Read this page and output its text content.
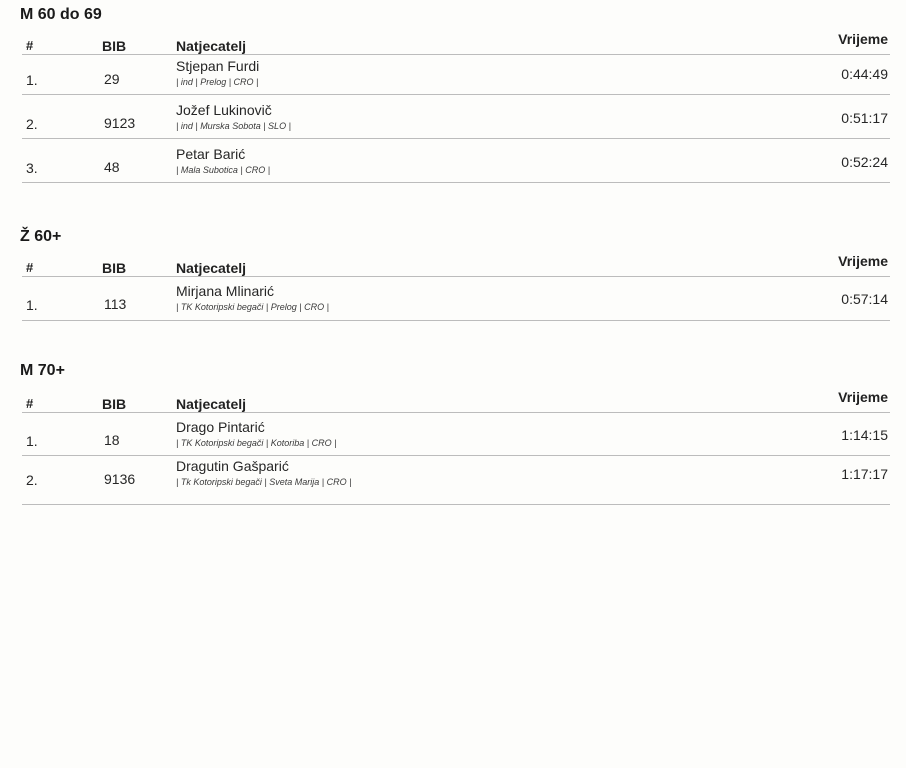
M 60 do 69
#	BIB	Natjecatelj	Vrijeme
1.	29
Stjepan Furdi
| ind | Prelog | CRO |	0:44:49
2.	9123
Jožef Lukinovič
| ind | Murska Sobota | SLO |	0:51:17
3.	48
Petar Barić
| Mala Subotica | CRO |	0:52:24
Ž 60+
#	BIB	Natjecatelj	Vrijeme
1.	113
Mirjana Mlinarić
| TK Kotoripski begači | Prelog | CRO |	0:57:14
M 70+
#	BIB	Natjecatelj	Vrijeme
1.	18
Drago Pintarić
| TK Kotoripski begači | Kotoriba | CRO |	1:14:15
2.	9136
Dragutin Gašparić
| Tk Kotoripski begači | Sveta Marija | CRO |	1:17:17
